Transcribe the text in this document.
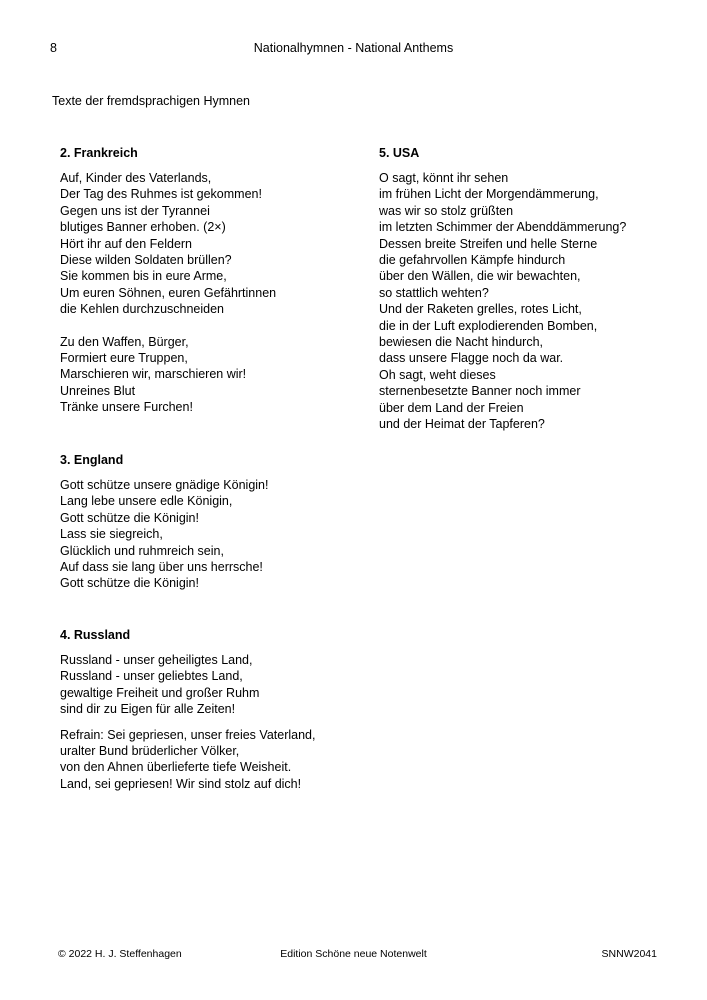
8	Nationalhymnen - National Anthems
Texte der fremdsprachigen Hymnen
2. Frankreich
Auf, Kinder des Vaterlands,
Der Tag des Ruhmes ist gekommen!
Gegen uns ist der Tyrannei
blutiges Banner erhoben. (2×)
Hört ihr auf den Feldern
Diese wilden Soldaten brüllen?
Sie kommen bis in eure Arme,
Um euren Söhnen, euren Gefährtinnen
die Kehlen durchzuschneiden
Zu den Waffen, Bürger,
Formiert eure Truppen,
Marschieren wir, marschieren wir!
Unreines Blut
Tränke unsere Furchen!
5. USA
O sagt, könnt ihr sehen
im frühen Licht der Morgendämmerung,
was wir so stolz grüßten
im letzten Schimmer der Abenddämmerung?
Dessen breite Streifen und helle Sterne
die gefahrvollen Kämpfe hindurch
über den Wällen, die wir bewachten,
so stattlich wehten?
Und der Raketen grelles, rotes Licht,
die in der Luft explodierenden Bomben,
bewiesen die Nacht hindurch,
dass unsere Flagge noch da war.
Oh sagt, weht dieses
sternenbesetzte Banner noch immer
über dem Land der Freien
und der Heimat der Tapferen?
3. England
Gott schütze unsere gnädige Königin!
Lang lebe unsere edle Königin,
Gott schütze die Königin!
Lass sie siegreich,
Glücklich und ruhmreich sein,
Auf dass sie lang über uns herrsche!
Gott schütze die Königin!
4. Russland
Russland - unser geheiligtes Land,
Russland - unser geliebtes Land,
gewaltige Freiheit und großer Ruhm
sind dir zu Eigen für alle Zeiten!
Refrain: Sei gepriesen, unser freies Vaterland,
uralter Bund brüderlicher Völker,
von den Ahnen überlieferte tiefe Weisheit.
Land, sei gepriesen! Wir sind stolz auf dich!
© 2022 H. J. Steffenhagen	Edition Schöne neue Notenwelt	SNNW2041
